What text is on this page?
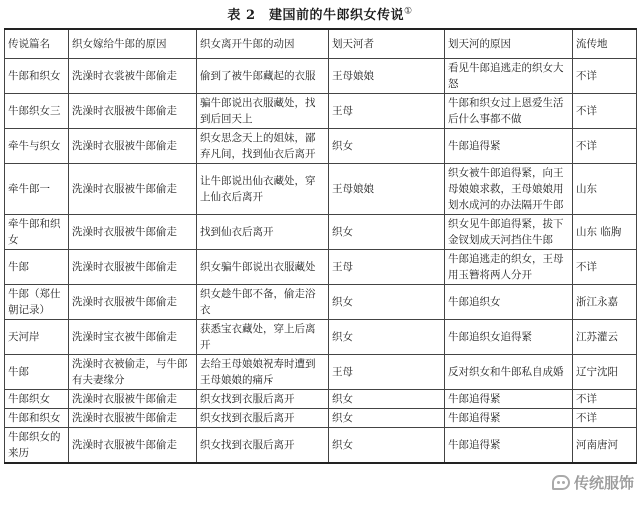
表 2　建国前的牛郎织女传说①
传说篇名	织女嫁给牛郎的原因	织女离开牛郎的动因	划天河者	划天河的原因	流传地
牛郎和织女	洗澡时衣裳被牛郎偷走	偷到了被牛郎藏起的衣服	王母娘娘	看见牛郎追逃走的织女大怒	不详
牛郎织女三	洗澡时衣服被牛郎偷走	骗牛郎说出衣服藏处，找到后回天上	王母	牛郎和织女过上恩爱生活后什么事都不做	不详
牵牛与织女	洗澡时衣服被牛郎偷走	织女思念天上的姐妹，鄙弃凡间，找到仙衣后离开	织女	牛郎追得紧	不详
牵牛郎一	洗澡时衣服被牛郎偷走	让牛郎说出仙衣藏处，穿上仙衣后离开	王母娘娘	织女被牛郎追得紧，向王母娘娘求救，王母娘娘用划水成河的办法隔开牛郎	山东
牵牛郎和织女	洗澡时衣服被牛郎偷走	找到仙衣后离开	织女	织女见牛郎追得紧，拔下金钗划成天河挡住牛郎	山东 临朐
牛郎	洗澡时衣服被牛郎偷走	织女骗牛郎说出衣服藏处	王母	牛郎追逃走的织女，王母用玉簪将两人分开	不详
牛郎（郑仕朝记录）	洗澡时衣服被牛郎偷走	织女趁牛郎不备，偷走浴衣	织女	牛郎追织女	浙江永嘉
天河岸	洗澡时宝衣被牛郎偷走	获悉宝衣藏处，穿上后离开	织女	牛郎追织女追得紧	江苏灌云
牛郎	洗澡时衣被偷走，与牛郎有夫妻缘分	去给王母娘娘祝寿时遭到王母娘娘的痛斥	王母	反对织女和牛郎私自成婚	辽宁沈阳
牛郎织女	洗澡时衣服被牛郎偷走	织女找到衣服后离开	织女	牛郎追得紧	不详
牛郎和织女	洗澡时衣服被牛郎偷走	织女找到衣服后离开	织女	牛郎追得紧	不详
牛郎织女的来历	洗澡时衣服被牛郎偷走	织女找到衣服后离开	织女	牛郎追得紧	河南唐河
传统服饰
